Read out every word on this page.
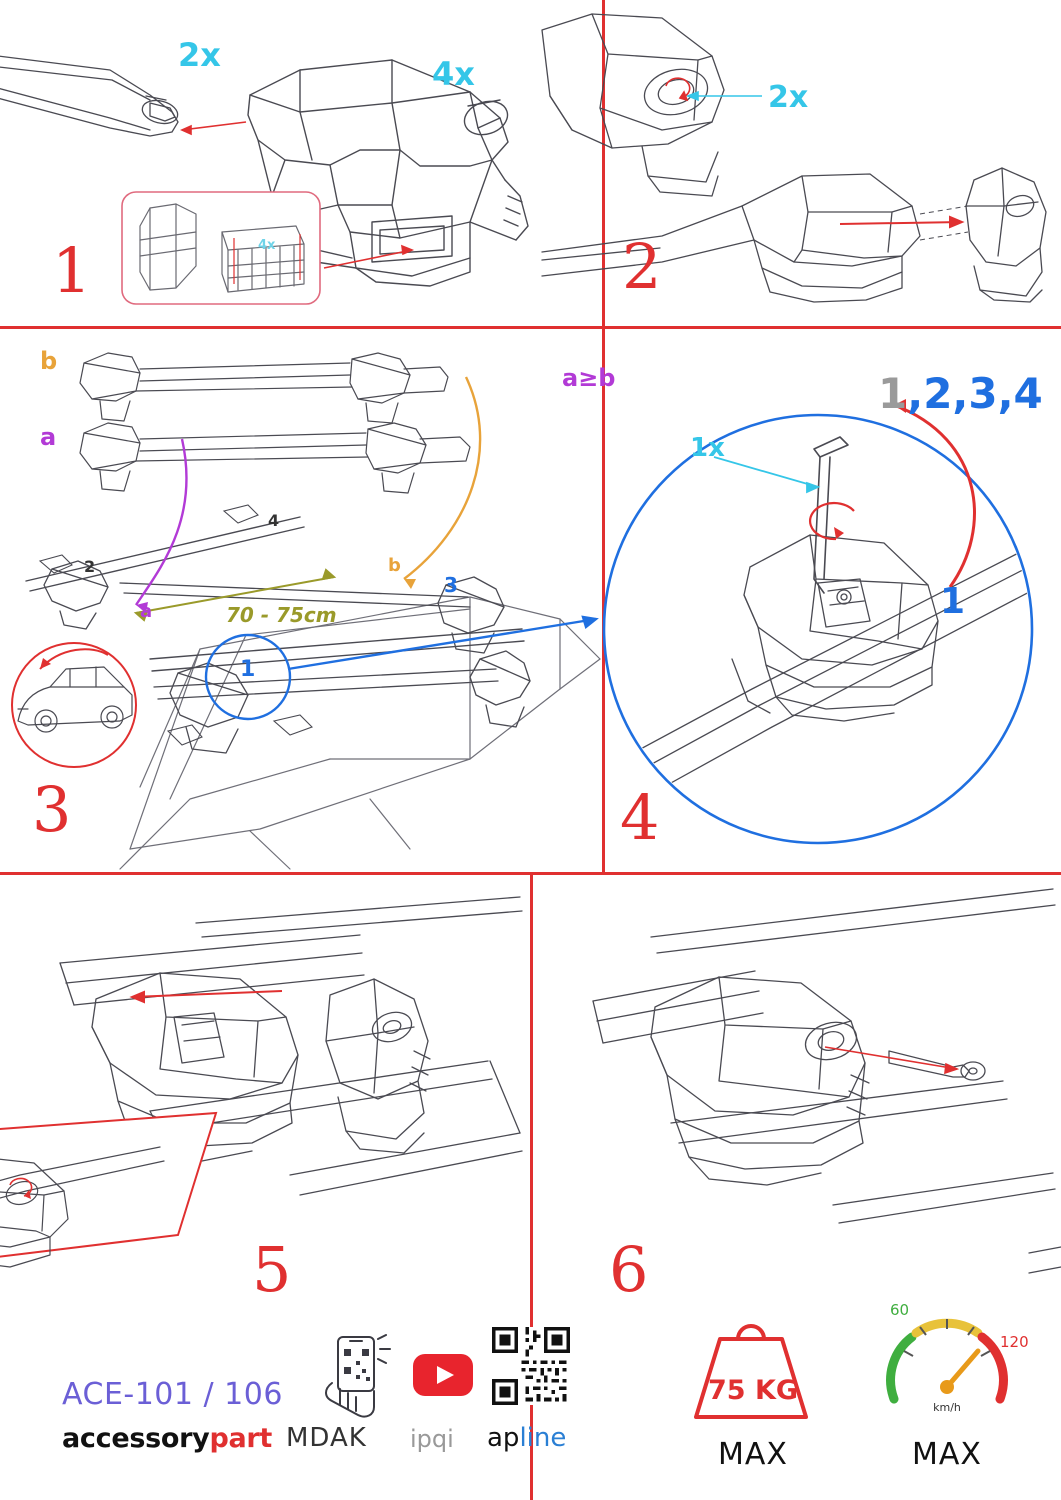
2x	4x
4x
1
2x
2
b
a
a
b
70 - 75cm
1
2
3
4
3
a≥b
1x
1
1,2,3,4
4
5	6
ACE-101 / 106
accessorypart MDAK ipqi apline
75 KG
MAX
km/h
60
120
MAX
